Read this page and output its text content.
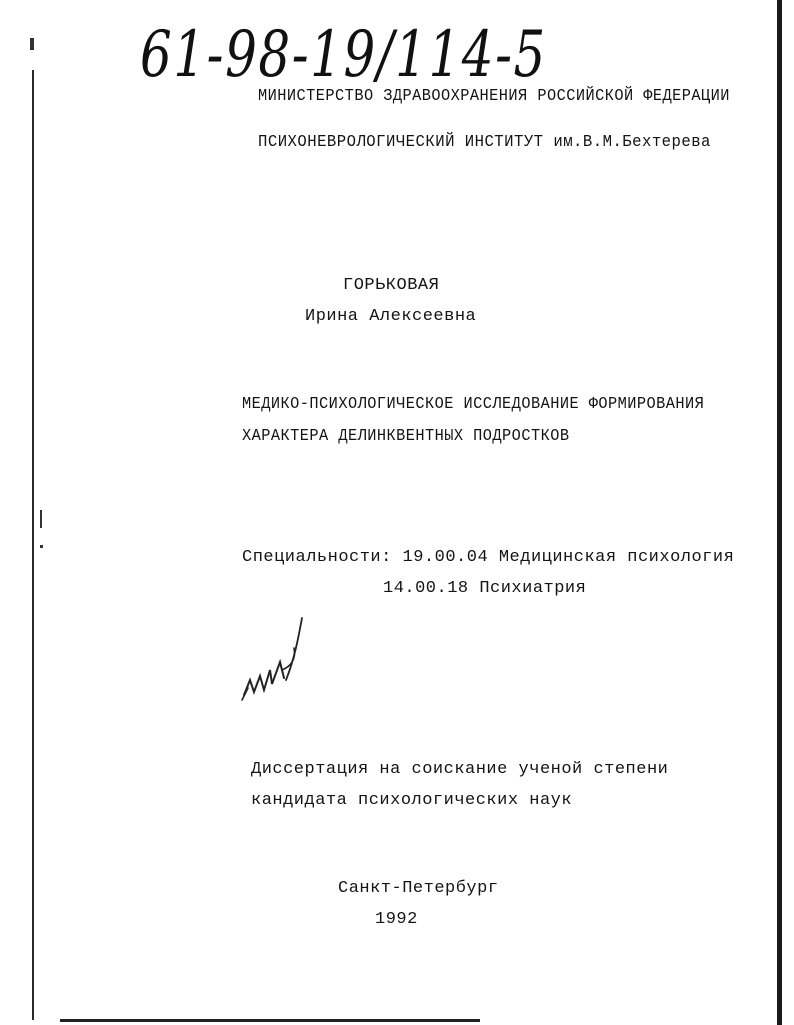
61-98-19/114-5
МИНИСТЕРСТВО ЗДРАВООХРАНЕНИЯ РОССИЙСКОЙ ФЕДЕРАЦИИ
ПСИХОНЕВРОЛОГИЧЕСКИЙ ИНСТИТУТ им.В.М.Бехтерева
ГОРЬКОВАЯ
Ирина Алексеевна
МЕДИКО-ПСИХОЛОГИЧЕСКОЕ ИССЛЕДОВАНИЕ ФОРМИРОВАНИЯ
ХАРАКТЕРА ДЕЛИНКВЕНТНЫХ ПОДРОСТКОВ
Специальности: 19.00.04 Медицинская психология
14.00.18 Психиатрия
Диссертация на соискание ученой степени
кандидата психологических наук
Санкт-Петербург
1992
